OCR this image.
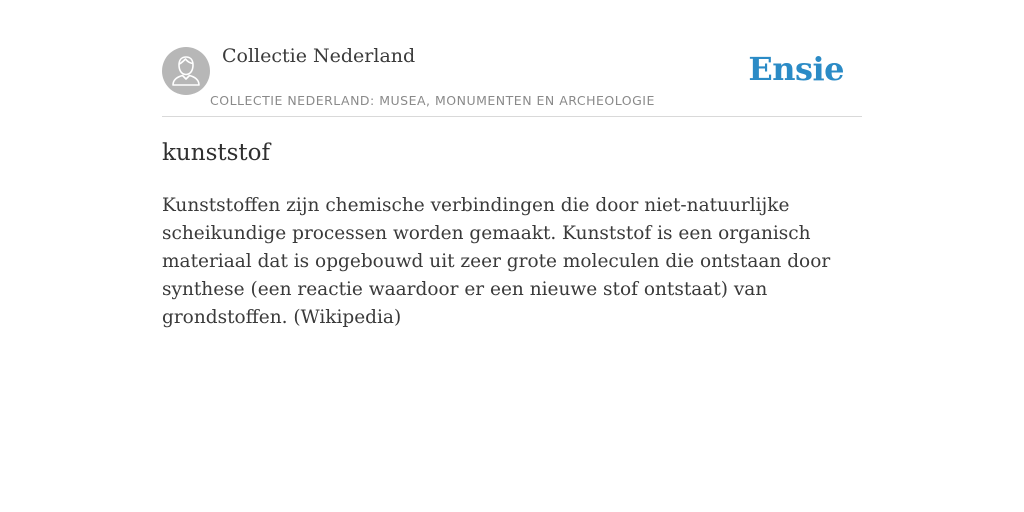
Collectie Nederland
COLLECTIE NEDERLAND: MUSEA, MONUMENTEN EN ARCHEOLOGIE
Ensie
kunststof

Kunststoffen zijn chemische verbindingen die door niet-natuurlijke scheikundige processen worden gemaakt. Kunststof is een organisch materiaal dat is opgebouwd uit zeer grote moleculen die ontstaan door synthese (een reactie waardoor er een nieuwe stof ontstaat) van grondstoffen. (Wikipedia)
